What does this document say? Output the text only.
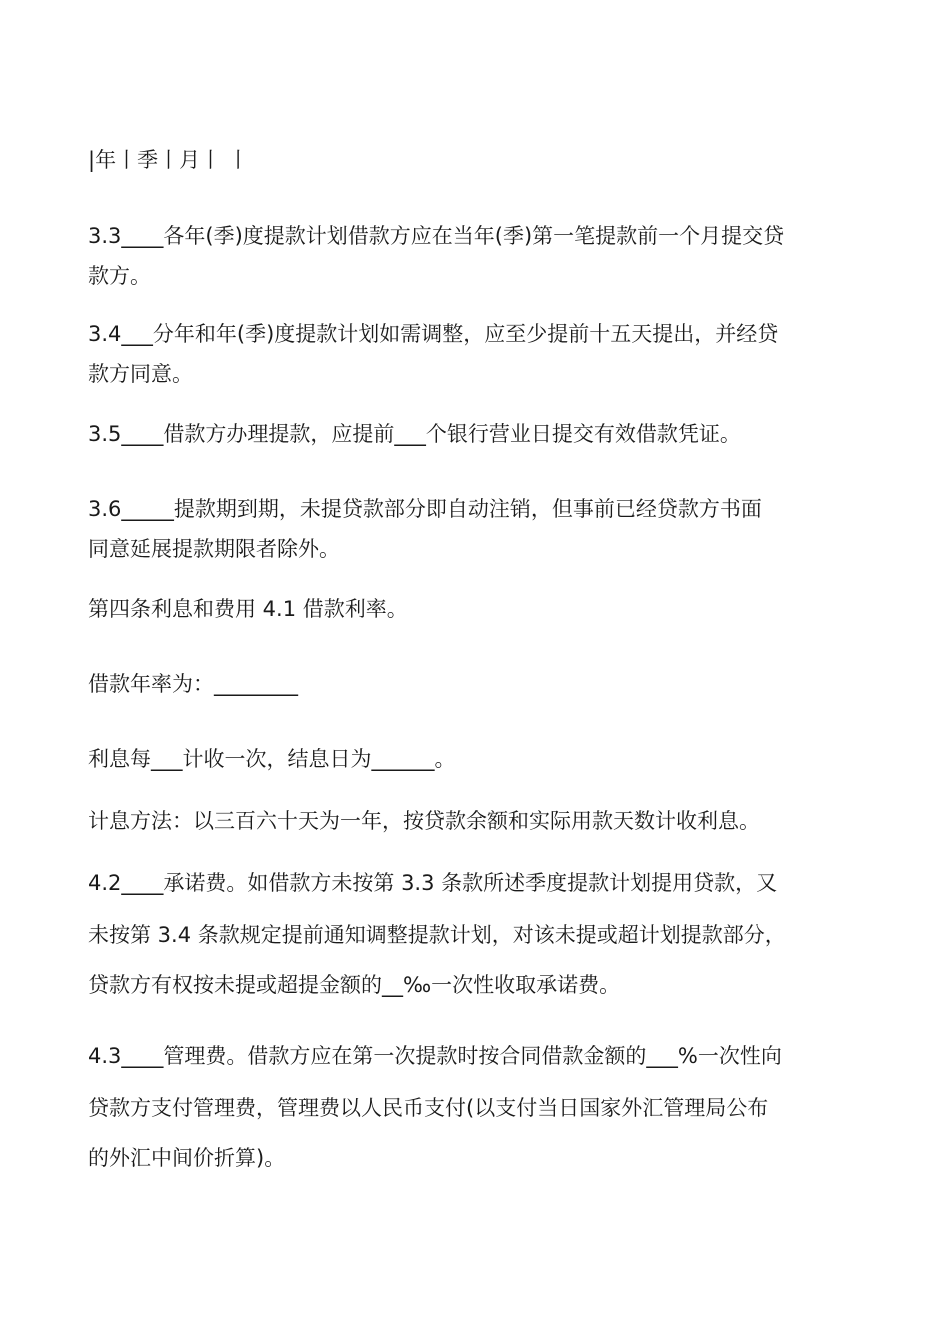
|年丨季丨月丨 丨

3.3____各年(季)度提款计划借款方应在当年(季)第一笔提款前一个月提交贷
款方。

3.4___分年和年(季)度提款计划如需调整，应至少提前十五天提出，并经贷
款方同意。

3.5____借款方办理提款，应提前___个银行营业日提交有效借款凭证。

3.6_____提款期到期，未提贷款部分即自动注销，但事前已经贷款方书面
同意延展提款期限者除外。

第四条利息和费用 4.1 借款利率。

借款年率为：________

利息每___计收一次，结息日为______。

计息方法：以三百六十天为一年，按贷款余额和实际用款天数计收利息。

4.2____承诺费。如借款方未按第 3.3 条款所述季度提款计划提用贷款，又
未按第 3.4 条款规定提前通知调整提款计划，对该未提或超计划提款部分，
贷款方有权按未提或超提金额的__‰一次性收取承诺费。

4.3____管理费。借款方应在第一次提款时按合同借款金额的___%一次性向
贷款方支付管理费，管理费以人民币支付(以支付当日国家外汇管理局公布
的外汇中间价折算)。
